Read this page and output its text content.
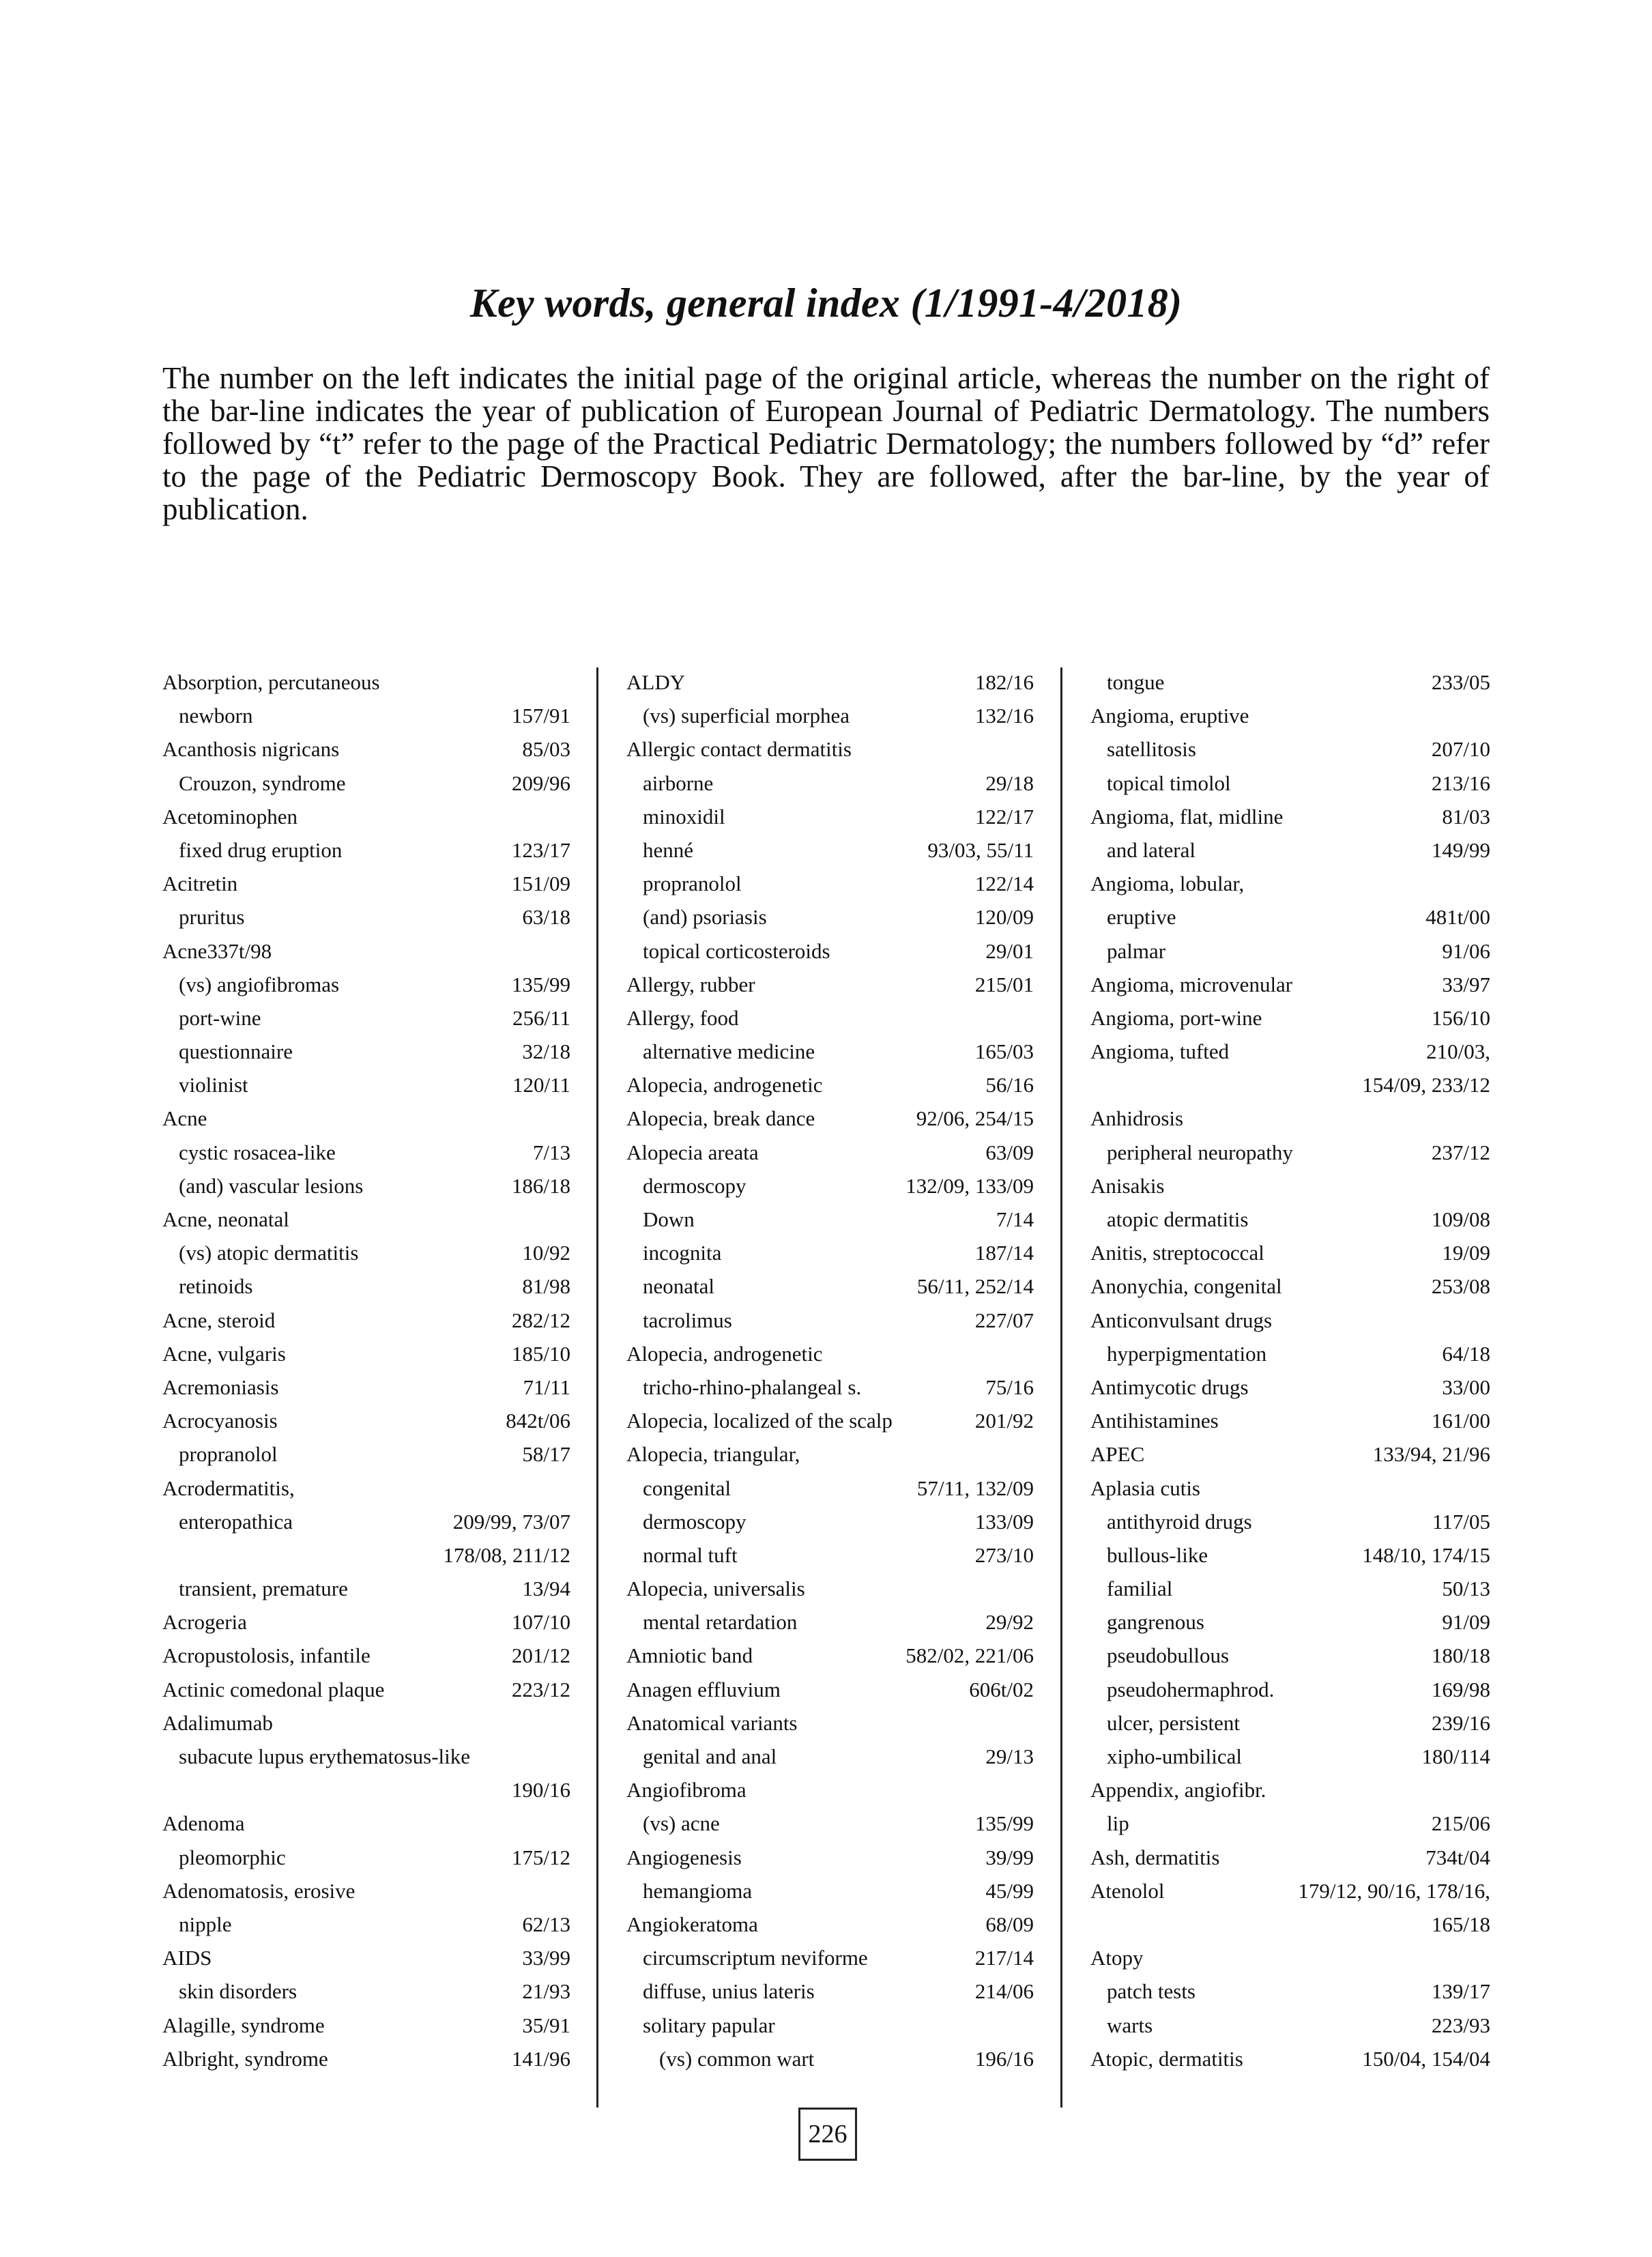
Key words, general index (1/1991-4/2018)
The number on the left indicates the initial page of the original article, whereas the number on the right of the bar-line indicates the year of publication of European Journal of Pediatric Dermatology. The numbers followed by “t” refer to the page of the Practical Pediatric Dermatology; the numbers followed by “d” refer to the page of the Pediatric Dermoscopy Book. They are followed, after the bar-line, by the year of publication.
Absorption, percutaneous
newborn	157/91
Acanthosis nigricans	85/03
Crouzon, syndrome	209/96
Acetominophen
fixed drug eruption	123/17
Acitretin	151/09
pruritus	63/18
Acne337t/98
(vs) angiofibromas	135/99
port-wine	256/11
questionnaire	32/18
violinist	120/11
Acne
cystic rosacea-like	7/13
(and) vascular lesions	186/18
Acne, neonatal
(vs) atopic dermatitis	10/92
retinoids	81/98
Acne, steroid	282/12
Acne, vulgaris	185/10
Acremoniasis	71/11
Acrocyanosis	842t/06
propranolol	58/17
Acrodermatitis,
enteropathica	209/99, 73/07
178/08, 211/12
transient, premature	13/94
Acrogeria	107/10
Acropustolosis, infantile	201/12
Actinic comedonal plaque	223/12
Adalimumab
subacute lupus erythematosus-like
190/16
Adenoma
pleomorphic	175/12
Adenomatosis, erosive
nipple	62/13
AIDS	33/99
skin disorders	21/93
Alagille, syndrome	35/91
Albright, syndrome	141/96
ALDY	182/16
(vs) superficial morphea	132/16
Allergic contact dermatitis
airborne	29/18
minoxidil	122/17
henné	93/03, 55/11
propranolol	122/14
(and) psoriasis	120/09
topical corticosteroids	29/01
Allergy, rubber	215/01
Allergy, food
alternative medicine	165/03
Alopecia, androgenetic	56/16
Alopecia, break dance	92/06, 254/15
Alopecia areata	63/09
dermoscopy	132/09, 133/09
Down	7/14
incognita	187/14
neonatal	56/11, 252/14
tacrolimus	227/07
Alopecia, androgenetic
tricho-rhino-phalangeal s.	75/16
Alopecia, localized of the scalp	201/92
Alopecia, triangular,
congenital	57/11, 132/09
dermoscopy	133/09
normal tuft	273/10
Alopecia, universalis
mental retardation	29/92
Amniotic band	582/02, 221/06
Anagen effluvium	606t/02
Anatomical variants
genital and anal	29/13
Angiofibroma
(vs) acne	135/99
Angiogenesis	39/99
hemangioma	45/99
Angiokeratoma	68/09
circumscriptum neviforme	217/14
diffuse, unius lateris	214/06
solitary papular
(vs) common wart	196/16
tongue	233/05
Angioma, eruptive
satellitosis	207/10
topical timolol	213/16
Angioma, flat, midline	81/03
and lateral	149/99
Angioma, lobular,
eruptive	481t/00
palmar	91/06
Angioma, microvenular	33/97
Angioma, port-wine	156/10
Angioma, tufted	210/03,
154/09, 233/12
Anhidrosis
peripheral neuropathy	237/12
Anisakis
atopic dermatitis	109/08
Anitis, streptococcal	19/09
Anonychia, congenital	253/08
Anticonvulsant drugs
hyperpigmentation	64/18
Antimycotic drugs	33/00
Antihistamines	161/00
APEC	133/94, 21/96
Aplasia cutis
antithyroid drugs	117/05
bullous-like	148/10, 174/15
familial	50/13
gangrenous	91/09
pseudobullous	180/18
pseudohermaphrod.	169/98
ulcer, persistent	239/16
xipho-umbilical	180/114
Appendix, angiofibr.
lip	215/06
Ash, dermatitis	734t/04
Atenolol	179/12, 90/16, 178/16,
165/18
Atopy
patch tests	139/17
warts	223/93
Atopic, dermatitis	150/04, 154/04
226
